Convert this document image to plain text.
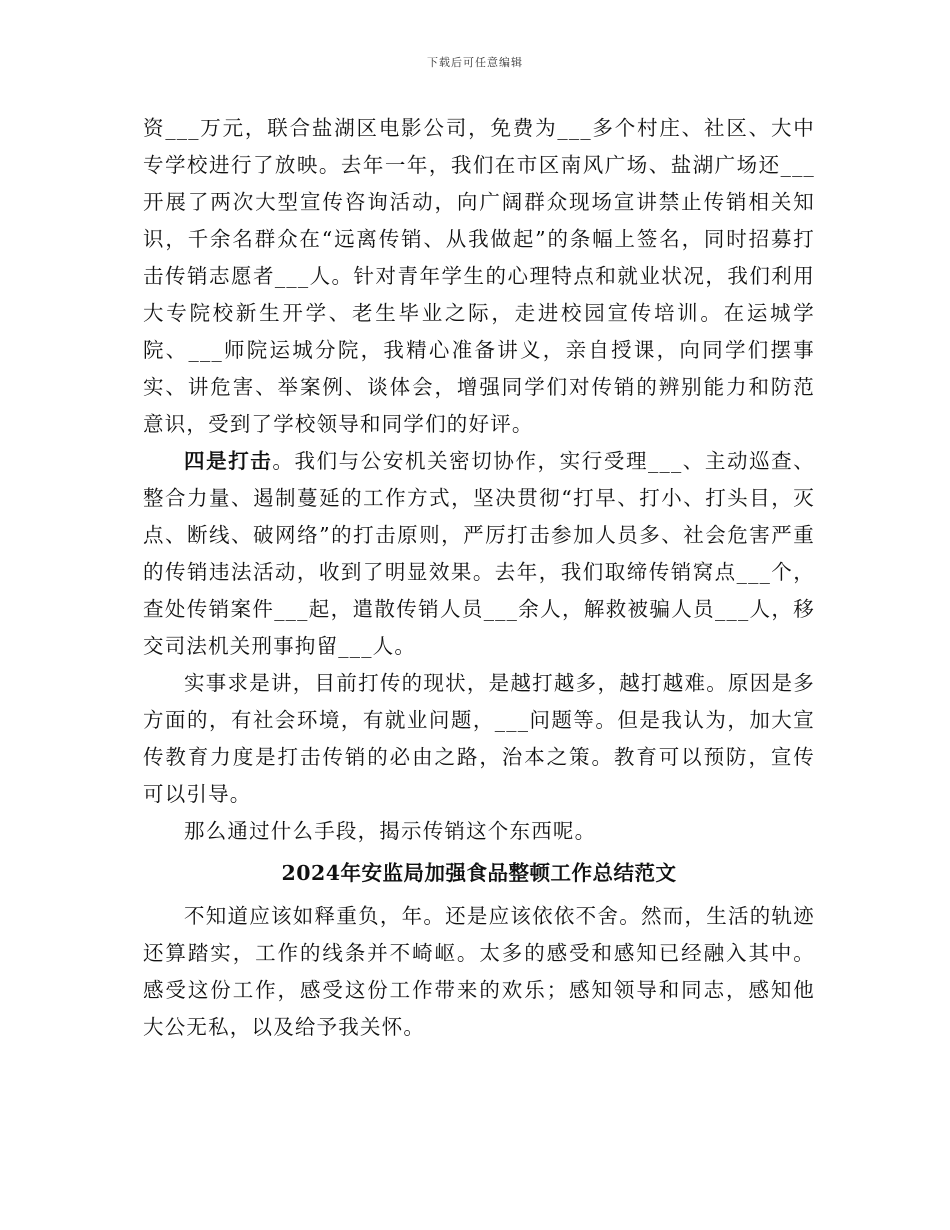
下载后可任意编辑

资___万元，联合盐湖区电影公司，免费为___多个村庄、社区、大中专学校进行了放映。去年一年，我们在市区南风广场、盐湖广场还___开展了两次大型宣传咨询活动，向广阔群众现场宣讲禁止传销相关知识，千余名群众在“远离传销、从我做起”的条幅上签名，同时招募打击传销志愿者___人。针对青年学生的心理特点和就业状况，我们利用大专院校新生开学、老生毕业之际，走进校园宣传培训。在运城学院、___师院运城分院，我精心准备讲义，亲自授课，向同学们摆事实、讲危害、举案例、谈体会，增强同学们对传销的辨别能力和防范意识，受到了学校领导和同学们的好评。

四是打击。我们与公安机关密切协作，实行受理___、主动巡查、整合力量、遏制蔓延的工作方式，坚决贯彻“打早、打小、打头目，灭点、断线、破网络”的打击原则，严厉打击参加人员多、社会危害严重的传销违法活动，收到了明显效果。去年，我们取缔传销窝点___个，查处传销案件___起，遣散传销人员___余人，解救被骗人员___人，移交司法机关刑事拘留___人。

实事求是讲，目前打传的现状，是越打越多，越打越难。原因是多方面的，有社会环境，有就业问题，___问题等。但是我认为，加大宣传教育力度是打击传销的必由之路，治本之策。教育可以预防，宣传可以引导。

那么通过什么手段，揭示传销这个东西呢。

2024年安监局加强食品整顿工作总结范文

不知道应该如释重负，年。还是应该依依不舍。然而，生活的轨迹还算踏实，工作的线条并不崎岖。太多的感受和感知已经融入其中。感受这份工作，感受这份工作带来的欢乐；感知领导和同志，感知他大公无私，以及给予我关怀。
